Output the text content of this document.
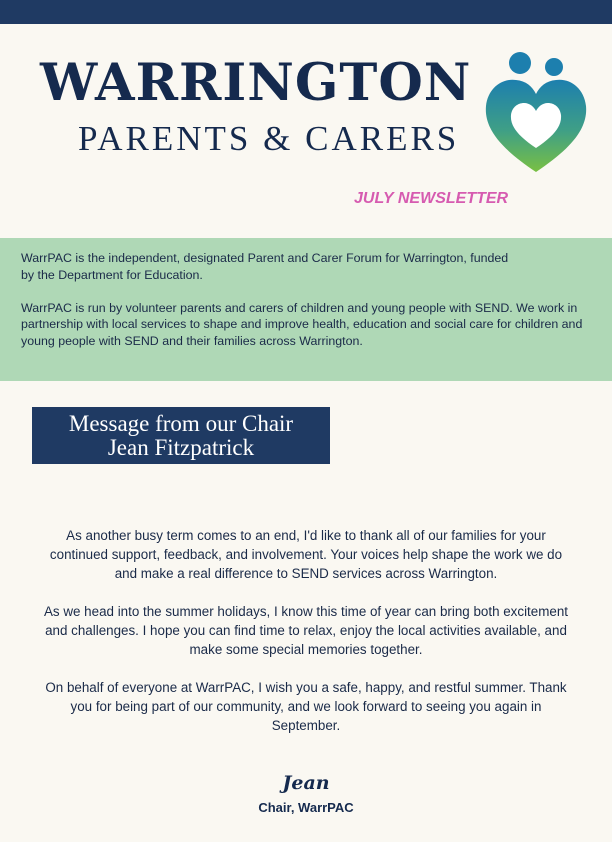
WARRINGTON
PARENTS & CARERS
JULY NEWSLETTER

WarrPAC is the independent, designated Parent and Carer Forum for Warrington, funded by the Department for Education.

WarrPAC is run by volunteer parents and carers of children and young people with SEND. We work in partnership with local services to shape and improve health, education and social care for children and young people with SEND and their families across Warrington.

Message from our Chair
Jean Fitzpatrick

As another busy term comes to an end, I'd like to thank all of our families for your continued support, feedback, and involvement. Your voices help shape the work we do and make a real difference to SEND services across Warrington.

As we head into the summer holidays, I know this time of year can bring both excitement and challenges. I hope you can find time to relax, enjoy the local activities available, and make some special memories together.

On behalf of everyone at WarrPAC, I wish you a safe, happy, and restful summer. Thank you for being part of our community, and we look forward to seeing you again in September.

Jean
Chair, WarrPAC
